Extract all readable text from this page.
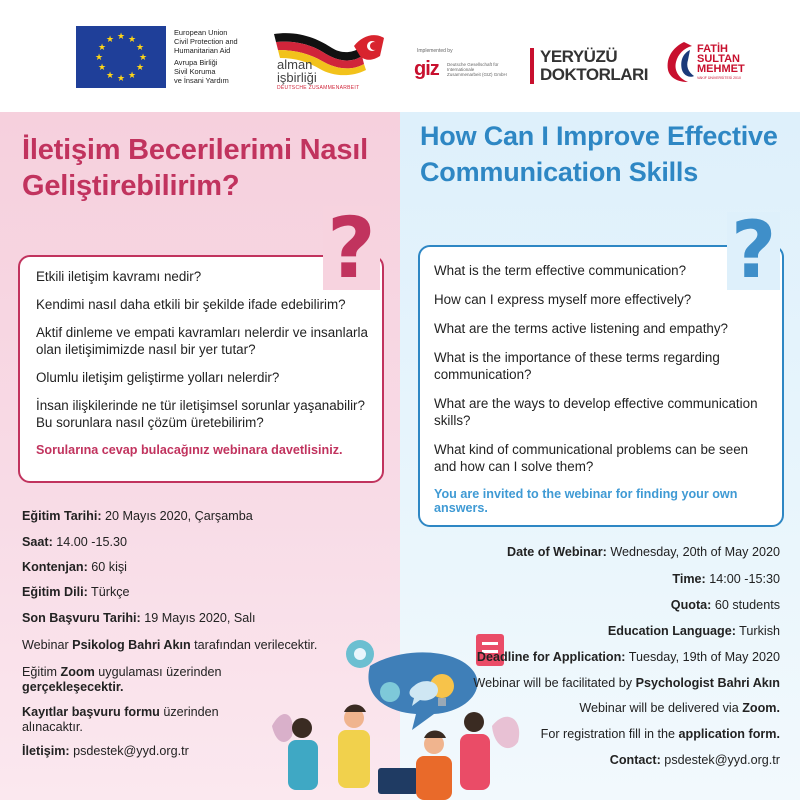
★ ★
★
★
★
★
★
★
★
★
★
★
European Union
Civil Protection and
Humanitarian Aid
Avrupa Birliği
Sivil Koruma
ve İnsani Yardım
alman
işbirliği
DEUTSCHE ZUSAMMENARBEIT
Implemented by
giz Deutsche Gesellschaft für Internationale Zusammenarbeit (GIZ) GmbH
YERYÜZÜ
DOKTORLARI
FATİH
SULTAN
MEHMET
VAKIF ÜNİVERSİTESİ 2010
İletişim Becerilerimi Nasıl Geliştirebilirim?
How Can I Improve Effective Communication Skills
?	?
Etkili iletişim kavramı nedir?
Kendimi nasıl daha etkili bir şekilde ifade edebilirim?
Aktif dinleme ve empati kavramları nelerdir ve insanlarla olan iletişimimizde nasıl bir yer tutar?
Olumlu iletişim geliştirme yolları nelerdir?
İnsan ilişkilerinde ne tür iletişimsel sorunlar yaşanabilir? Bu sorunlara nasıl çözüm üretebilirim?
Sorularına cevap bulacağınız webinara davetlisiniz.
What is the term effective communication?
How can I express myself more effectively?
What are the terms active listening and empathy?
What is the importance of these terms regarding communication?
What are the ways to develop effective communication skills?
What kind of communicational problems can be seen and how can I solve them?
You are invited to the webinar for finding your own answers.
Eğitim Tarihi: 20 Mayıs 2020, Çarşamba
Saat: 14.00 -15.30
Kontenjan: 60 kişi
Eğitim Dili: Türkçe
Son Başvuru Tarihi: 19 Mayıs 2020, Salı
Webinar Psikolog Bahri Akın tarafından verilecektir.
Eğitim Zoom uygulaması üzerinden gerçekleşecektir.
Kayıtlar başvuru formu üzerinden alınacaktır.
İletişim: psdestek@yyd.org.tr
Date of Webinar: Wednesday, 20th of May 2020
Time: 14:00 -15:30
Quota: 60 students
Education Language: Turkish
Deadline for Application: Tuesday, 19th of May 2020
Webinar will be facilitated by Psychologist Bahri Akın
Webinar will be delivered via Zoom.
For registration fill in the application form.
Contact: psdestek@yyd.org.tr
